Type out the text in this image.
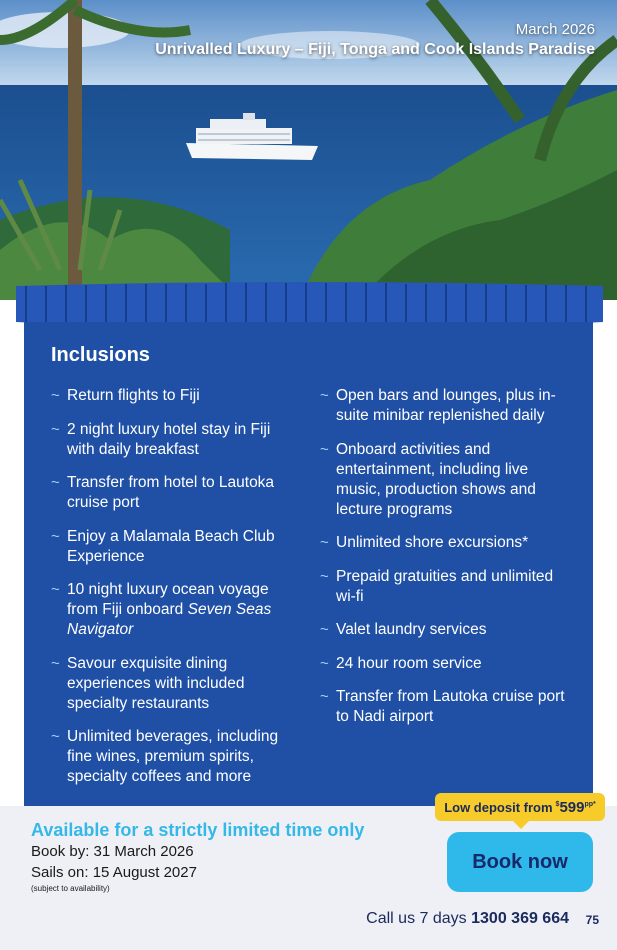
March 2026
Unrivalled Luxury – Fiji, Tonga and Cook Islands Paradise
Inclusions
~ Return flights to Fiji
~ 2 night luxury hotel stay in Fiji with daily breakfast
~ Transfer from hotel to Lautoka cruise port
~ Enjoy a Malamala Beach Club Experience
~ 10 night luxury ocean voyage from Fiji onboard Seven Seas Navigator
~ Savour exquisite dining experiences with included specialty restaurants
~ Unlimited beverages, including fine wines, premium spirits, specialty coffees and more
~ Open bars and lounges, plus in-suite minibar replenished daily
~ Onboard activities and entertainment, including live music, production shows and lecture programs
~ Unlimited shore excursions*
~ Prepaid gratuities and unlimited wi-fi
~ Valet laundry services
~ 24 hour room service
~ Transfer from Lautoka cruise port to Nadi airport
Low deposit from $^{\$}599^{pp*}$
Available for a strictly limited time only
Book by: 31 March 2026
Sails on: 15 August 2027
(subject to availability)
Book now
Call us 7 days 1300 369 664 75
